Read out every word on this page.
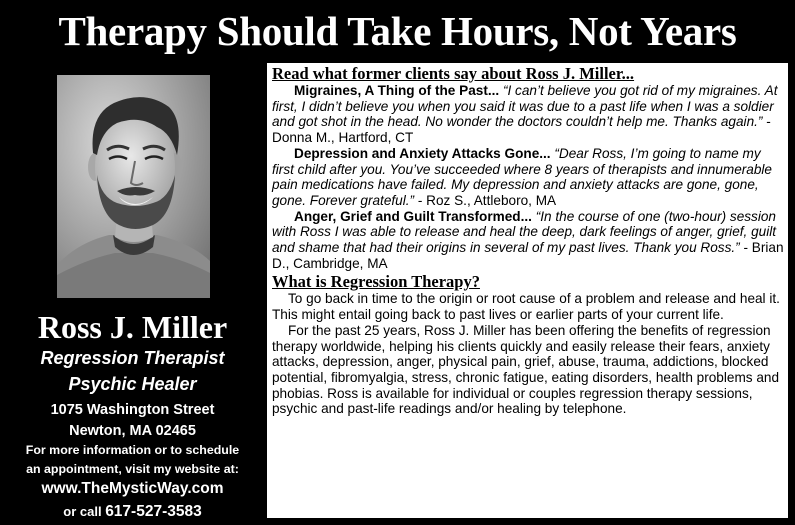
Therapy Should Take Hours, Not Years
Ross J. Miller
Regression Therapist
Psychic Healer
1075 Washington Street
Newton, MA 02465
For more information or to schedule
an appointment, visit my website at:
www.TheMysticWay.com
or call 617-527-3583
Read what former clients say about Ross J. Miller...

Migraines, A Thing of the Past... “I can’t believe you got rid of my migraines. At first, I didn’t believe you when you said it was due to a past life when I was a soldier and got shot in the head. No wonder the doctors couldn’t help me. Thanks again.” - Donna M., Hartford, CT

Depression and Anxiety Attacks Gone... “Dear Ross, I’m going to name my first child after you. You’ve succeeded where 8 years of therapists and innumerable pain medications have failed. My depression and anxiety attacks are gone, gone, gone. Forever grateful.” - Roz S., Attleboro, MA

Anger, Grief and Guilt Transformed... “In the course of one (two-hour) session with Ross I was able to release and heal the deep, dark feelings of anger, grief, guilt and shame that had their origins in several of my past lives. Thank you Ross.” - Brian D., Cambridge, MA

What is Regression Therapy?

To go back in time to the origin or root cause of a problem and release and heal it. This might entail going back to past lives or earlier parts of your current life.

For the past 25 years, Ross J. Miller has been offering the benefits of regression therapy worldwide, helping his clients quickly and easily release their fears, anxiety attacks, depression, anger, physical pain, grief, abuse, trauma, addictions, blocked potential, fibromyalgia, stress, chronic fatigue, eating disorders, health problems and phobias. Ross is available for individual or couples regression therapy sessions, psychic and past-life readings and/or healing by telephone.
